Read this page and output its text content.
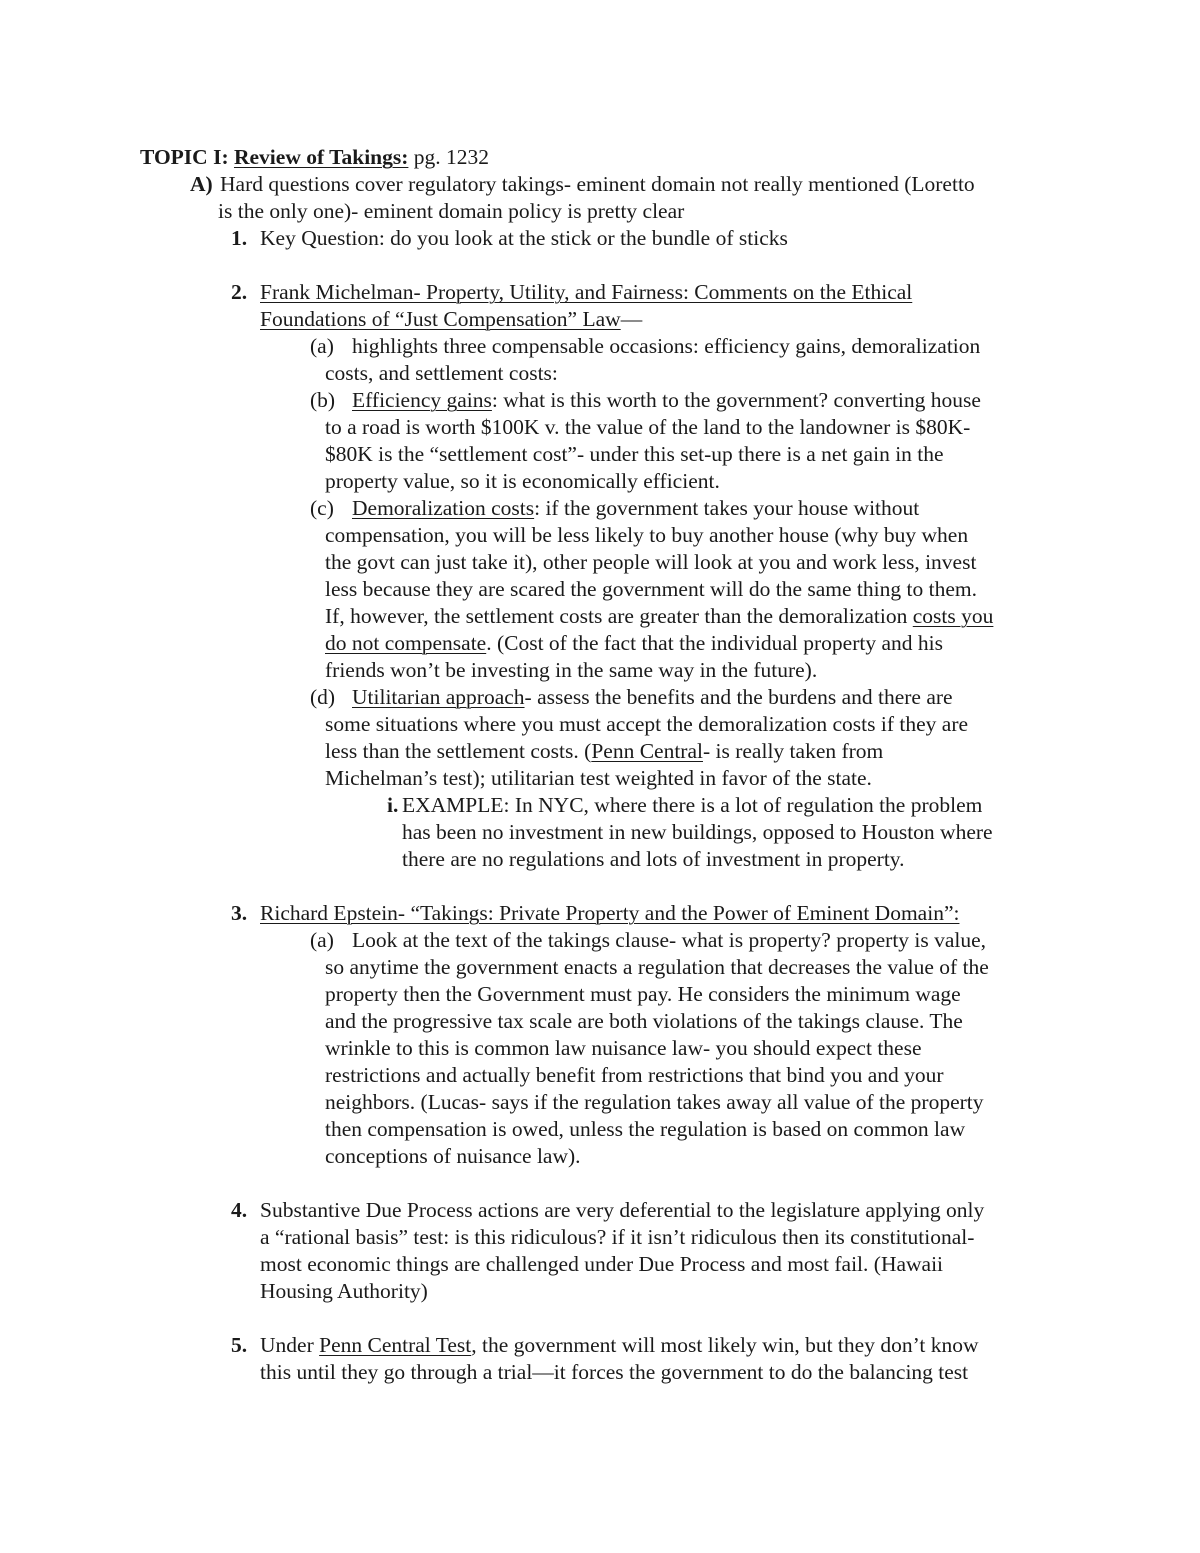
TOPIC I: Review of Takings: pg. 1232
A) Hard questions cover regulatory takings- eminent domain not really mentioned (Loretto
is the only one)- eminent domain policy is pretty clear
1. Key Question: do you look at the stick or the bundle of sticks
2. Frank Michelman- Property, Utility, and Fairness: Comments on the Ethical
Foundations of “Just Compensation” Law—
(a) highlights three compensable occasions: efficiency gains, demoralization
costs, and settlement costs:
(b) Efficiency gains: what is this worth to the government? converting house
to a road is worth $100K v. the value of the land to the landowner is $80K-
$80K is the “settlement cost”- under this set-up there is a net gain in the
property value, so it is economically efficient.
(c) Demoralization costs: if the government takes your house without
compensation, you will be less likely to buy another house (why buy when
the govt can just take it), other people will look at you and work less, invest
less because they are scared the government will do the same thing to them.
If, however, the settlement costs are greater than the demoralization costs you
do not compensate. (Cost of the fact that the individual property and his
friends won’t be investing in the same way in the future).
(d) Utilitarian approach- assess the benefits and the burdens and there are
some situations where you must accept the demoralization costs if they are
less than the settlement costs. (Penn Central- is really taken from
Michelman’s test); utilitarian test weighted in favor of the state.
i. EXAMPLE: In NYC, where there is a lot of regulation the problem
has been no investment in new buildings, opposed to Houston where
there are no regulations and lots of investment in property.
3. Richard Epstein- “Takings: Private Property and the Power of Eminent Domain”:
(a) Look at the text of the takings clause- what is property? property is value,
so anytime the government enacts a regulation that decreases the value of the
property then the Government must pay. He considers the minimum wage
and the progressive tax scale are both violations of the takings clause. The
wrinkle to this is common law nuisance law- you should expect these
restrictions and actually benefit from restrictions that bind you and your
neighbors. (Lucas- says if the regulation takes away all value of the property
then compensation is owed, unless the regulation is based on common law
conceptions of nuisance law).
4. Substantive Due Process actions are very deferential to the legislature applying only
a “rational basis” test: is this ridiculous? if it isn’t ridiculous then its constitutional-
most economic things are challenged under Due Process and most fail. (Hawaii
Housing Authority)
5. Under Penn Central Test, the government will most likely win, but they don’t know
this until they go through a trial—it forces the government to do the balancing test
